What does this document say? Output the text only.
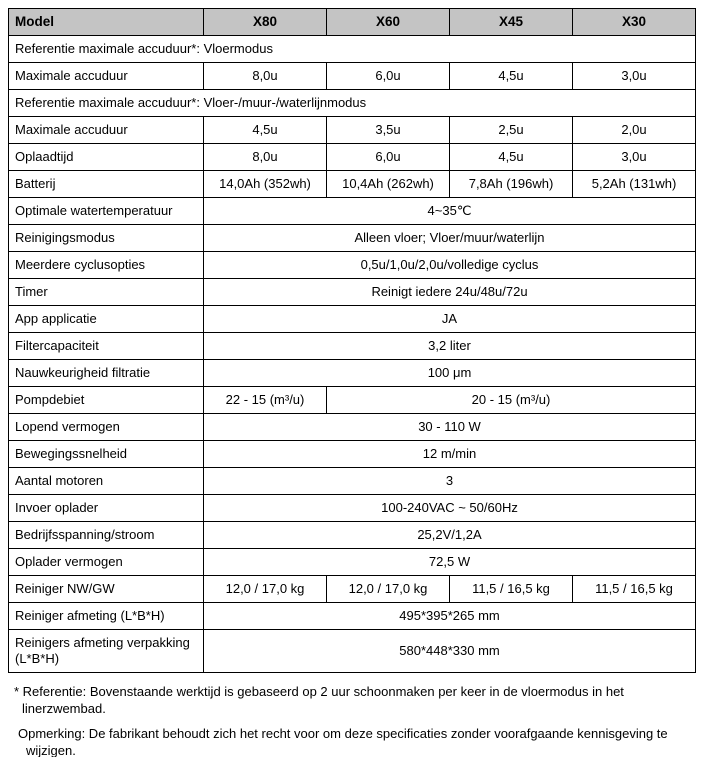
Model	X80	X60	X45	X30
Referentie maximale accuduur*: Vloermodus				
Maximale accuduur	8,0u	6,0u	4,5u	3,0u
Referentie maximale accuduur*: Vloer-/muur-/waterlijnmodus				
Maximale accuduur	4,5u	3,5u	2,5u	2,0u
Oplaadtijd	8,0u	6,0u	4,5u	3,0u
Batterij	14,0Ah (352wh)	10,4Ah (262wh)	7,8Ah (196wh)	5,2Ah (131wh)
Optimale watertemperatuur	4~35℃			
Reinigingsmodus	Alleen vloer; Vloer/muur/waterlijn			
Meerdere cyclusopties	0,5u/1,0u/2,0u/volledige cyclus			
Timer	Reinigt iedere 24u/48u/72u			
App applicatie	JA			
Filtercapaciteit	3,2 liter			
Nauwkeurigheid filtratie	100 μm			
Pompdebiet	22 - 15 (m³/u)	20 - 15 (m³/u)		
Lopend vermogen	30 - 110 W			
Bewegingssnelheid	12 m/min			
Aantal motoren	3			
Invoer oplader	100-240VAC ~ 50/60Hz			
Bedrijfsspanning/stroom	25,2V/1,2A			
Oplader vermogen	72,5 W			
Reiniger NW/GW	12,0 / 17,0 kg	12,0 / 17,0 kg	11,5 / 16,5 kg	11,5 / 16,5 kg
Reiniger afmeting (L*B*H)	495*395*265 mm			
Reinigers afmeting verpakking (L*B*H)	580*448*330 mm			

* Referentie: Bovenstaande werktijd is gebaseerd op 2 uur schoonmaken per keer in de vloermodus in het linerzwembad.

Opmerking: De fabrikant behoudt zich het recht voor om deze specificaties zonder voorafgaande kennisgeving te wijzigen.
